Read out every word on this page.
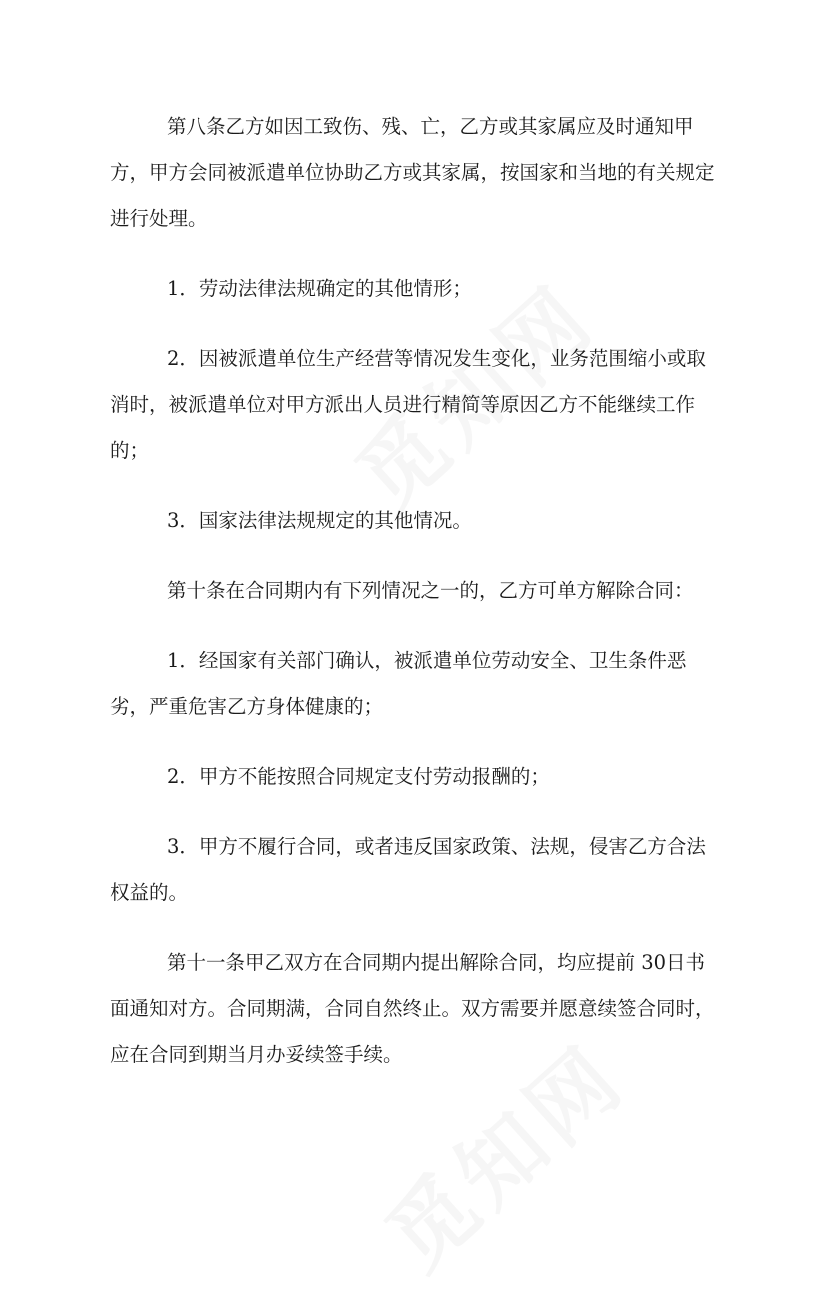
第八条乙方如因工致伤、残、亡，乙方或其家属应及时通知甲方，甲方会同被派遣单位协助乙方或其家属，按国家和当地的有关规定进行处理。

1．劳动法律法规确定的其他情形；

2．因被派遣单位生产经营等情况发生变化，业务范围缩小或取消时，被派遣单位对甲方派出人员进行精简等原因乙方不能继续工作的；

3．国家法律法规规定的其他情况。

第十条在合同期内有下列情况之一的，乙方可单方解除合同：

1．经国家有关部门确认，被派遣单位劳动安全、卫生条件恶劣，严重危害乙方身体健康的；

2．甲方不能按照合同规定支付劳动报酬的；

3．甲方不履行合同，或者违反国家政策、法规，侵害乙方合法权益的。

第十一条甲乙双方在合同期内提出解除合同，均应提前 30日书面通知对方。合同期满，合同自然终止。双方需要并愿意续签合同时，应在合同到期当月办妥续签手续。
